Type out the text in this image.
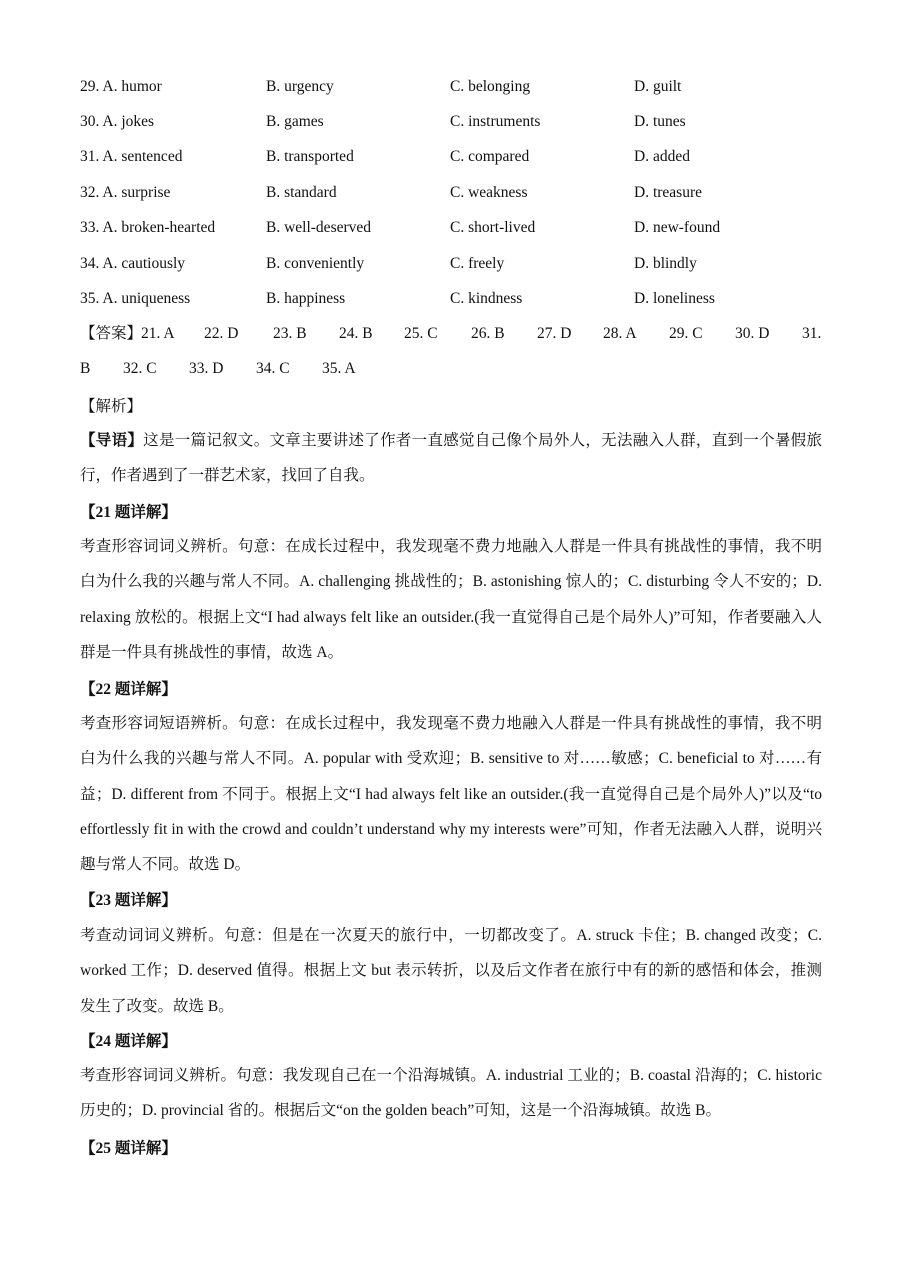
29. A. humor	B. urgency	C. belonging	D. guilt
30. A. jokes	B. games	C. instruments	D. tunes
31. A. sentenced	B. transported	C. compared	D. added
32. A. surprise	B. standard	C. weakness	D. treasure
33. A. broken-hearted	B. well-deserved	C. short-lived	D. new-found
34. A. cautiously	B. conveniently	C. freely	D. blindly
35. A. uniqueness	B. happiness	C. kindness	D. loneliness
【答案】
21. A 22. D 23. B 24. B 25. C 26. B 27. D 28. A 29. C 30. D 31.
B 32. C 33. D 34. C 35. A
【解析】
【导语】这是一篇记叙文。文章主要讲述了作者一直感觉自己像个局外人，无法融入人群，直到一个暑假旅行，作者遇到了一群艺术家，找回了自我。
【21 题详解】
考查形容词词义辨析。句意：在成长过程中，我发现毫不费力地融入人群是一件具有挑战性的事情，我不明白为什么我的兴趣与常人不同。A. challenging 挑战性的；B. astonishing 惊人的；C. disturbing 令人不安的；D. relaxing 放松的。根据上文“I had always felt like an outsider.(我一直觉得自己是个局外人)”可知，作者要融入人群是一件具有挑战性的事情，故选 A。
【22 题详解】
考查形容词短语辨析。句意：在成长过程中，我发现毫不费力地融入人群是一件具有挑战性的事情，我不明白为什么我的兴趣与常人不同。A. popular with 受欢迎；B. sensitive to 对……敏感；C. beneficial to 对……有益；D. different from 不同于。根据上文“I had always felt like an outsider.(我一直觉得自己是个局外人)”以及“to effortlessly fit in with the crowd and couldn’t understand why my interests were”可知，作者无法融入人群，说明兴趣与常人不同。故选 D。
【23 题详解】
考查动词词义辨析。句意：但是在一次夏天的旅行中，一切都改变了。A. struck 卡住；B. changed 改变；C. worked 工作；D. deserved 值得。根据上文 but 表示转折，以及后文作者在旅行中有的新的感悟和体会，推测发生了改变。故选 B。
【24 题详解】
考查形容词词义辨析。句意：我发现自己在一个沿海城镇。A. industrial 工业的；B. coastal 沿海的；C. historic 历史的；D. provincial 省的。根据后文“on the golden beach”可知，这是一个沿海城镇。故选 B。
【25 题详解】
